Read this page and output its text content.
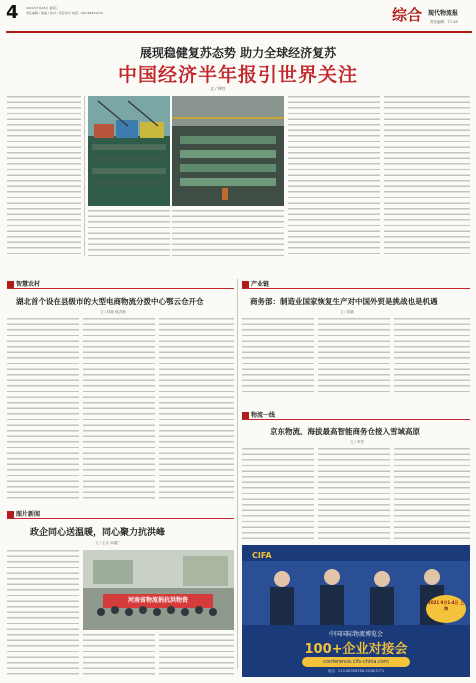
4 2021年7月28日 星期三
责任编辑 / 美编 / 校对 / 责任校对 电话：010-68491010	综合 现代物流报
责任编辑：77-45
展现稳健复苏态势 助力全球经济复苏
中国经济半年报引世界关注
文 / 钟红
智慧农村
湖北首个设在县级市的大型电商物流分拨中心鄂云仓开仓
文 / 林琼 蒋洪湘
产业链
商务部：制造业国家恢复生产对中国外贸是挑战也是机遇
文 / 胡斌
物流一线
京东物流、海拔最高智能商务仓接入雪域高原
文 / 李君
图片新闻
政企同心送温暖，同心聚力抗洪峰
文 / 王卉 卓越广
河南省物流捐抗洪物资
CIFA
2021 9月1-4日 上海
中国国际物流博览会
100+企业对接会
conference.cifs-china.com
电话：010-68358788-3526/3771
